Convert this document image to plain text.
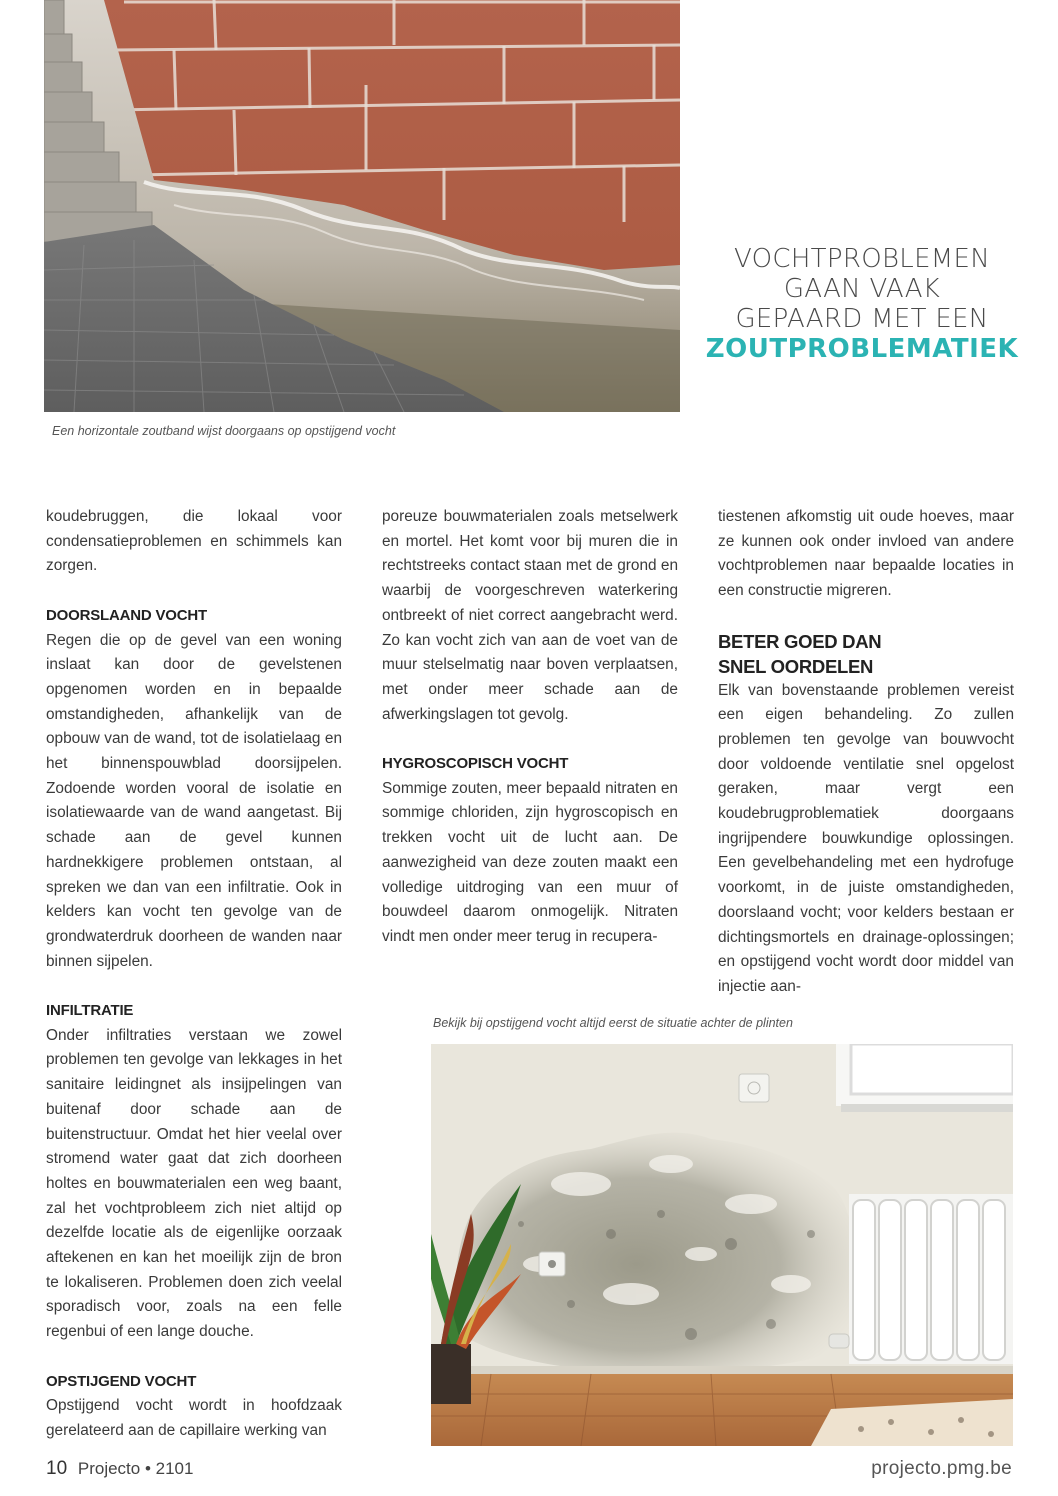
Een horizontale zoutband wijst doorgaans op opstijgend vocht
VOCHTPROBLEMEN
GAAN VAAK
GEPAARD MET EEN
ZOUTPROBLEMATIEK

koudebruggen, die lokaal voor condensatieproblemen en schimmels kan zorgen.

DOORSLAAND VOCHT

Regen die op de gevel van een woning inslaat kan door de gevelstenen opgenomen worden en in bepaalde omstandigheden, afhankelijk van de opbouw van de wand, tot de isolatielaag en het binnenspouwblad doorsijpelen. Zodoende worden vooral de isolatie en isolatiewaarde van de wand aangetast. Bij schade aan de gevel kunnen hardnekkigere problemen ontstaan, al spreken we dan van een infiltratie. Ook in kelders kan vocht ten gevolge van de grondwaterdruk doorheen de wanden naar binnen sijpelen.

INFILTRATIE

Onder infiltraties verstaan we zowel problemen ten gevolge van lekkages in het sanitaire leidingnet als insijpelingen van buitenaf door schade aan de buitenstructuur. Omdat het hier veelal over stromend water gaat dat zich doorheen holtes en bouwmaterialen een weg baant, zal het vochtprobleem zich niet altijd op dezelfde locatie als de eigenlijke oorzaak aftekenen en kan het moeilijk zijn de bron te lokaliseren. Problemen doen zich veelal sporadisch voor, zoals na een felle regenbui of een lange douche.

OPSTIJGEND VOCHT

Opstijgend vocht wordt in hoofdzaak gerelateerd aan de capillaire werking van

poreuze bouwmaterialen zoals metselwerk en mortel. Het komt voor bij muren die in rechtstreeks contact staan met de grond en waarbij de voorgeschreven waterkering ontbreekt of niet correct aangebracht werd. Zo kan vocht zich van aan de voet van de muur stelselmatig naar boven verplaatsen, met onder meer schade aan de afwerkingslagen tot gevolg.

HYGROSCOPISCH VOCHT

Sommige zouten, meer bepaald nitraten en sommige chloriden, zijn hygroscopisch en trekken vocht uit de lucht aan. De aanwezigheid van deze zouten maakt een volledige uitdroging van een muur of bouwdeel daarom onmogelijk. Nitraten vindt men onder meer terug in recupera-

tiestenen afkomstig uit oude hoeves, maar ze kunnen ook onder invloed van andere vochtproblemen naar bepaalde locaties in een constructie migreren.

BETER GOED DAN
SNEL OORDELEN

Elk van bovenstaande problemen vereist een eigen behandeling. Zo zullen problemen ten gevolge van bouwvocht door voldoende ventilatie snel opgelost geraken, maar vergt een koudebrugproblematiek doorgaans ingrijpendere bouwkundige oplossingen. Een gevelbehandeling met een hydrofuge voorkomt, in de juiste omstandigheden, doorslaand vocht; voor kelders bestaan er dichtingsmortels en drainage-oplossingen; en opstijgend vocht wordt door middel van injectie aan-

Bekijk bij opstijgend vocht altijd eerst de situatie achter de plinten
10 Projecto • 2101	projecto.pmg.be
